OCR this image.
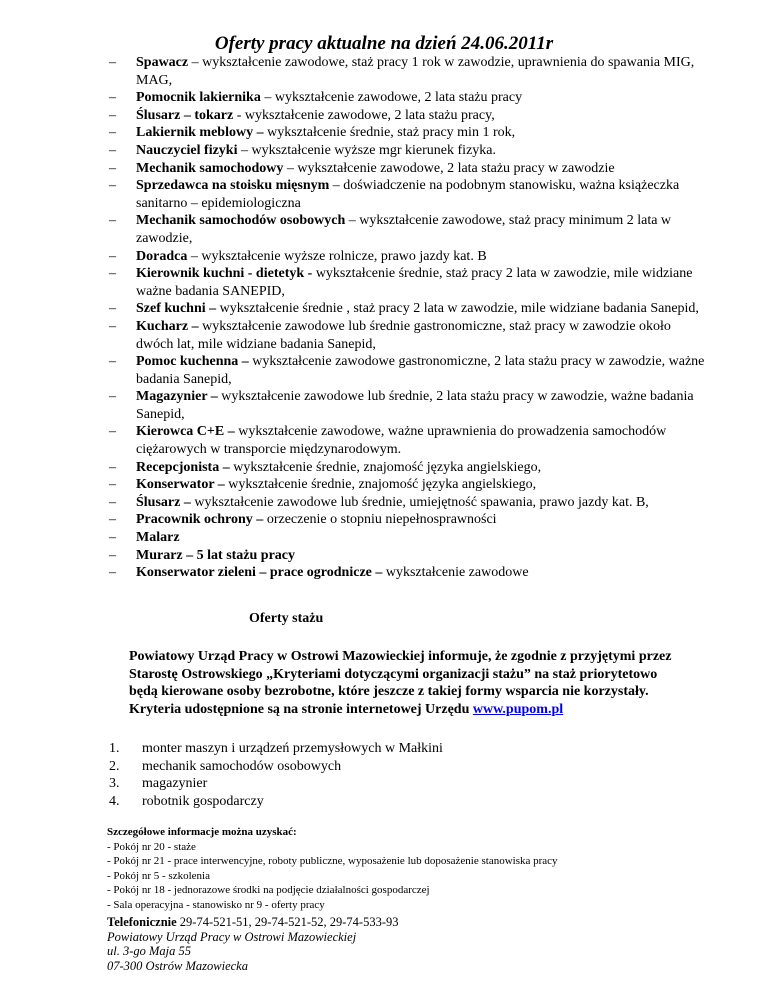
Oferty pracy aktualne na dzień 24.06.2011r
– Spawacz – wykształcenie zawodowe, staż pracy 1 rok w zawodzie, uprawnienia do spawania MIG, MAG,
– Pomocnik lakiernika – wykształcenie zawodowe, 2 lata stażu pracy
– Ślusarz – tokarz - wykształcenie zawodowe, 2 lata stażu pracy,
– Lakiernik meblowy – wykształcenie średnie, staż pracy min 1 rok,
– Nauczyciel fizyki – wykształcenie wyższe mgr kierunek fizyka.
– Mechanik samochodowy – wykształcenie zawodowe, 2 lata stażu pracy w zawodzie
– Sprzedawca na stoisku mięsnym – doświadczenie na podobnym stanowisku, ważna książeczka sanitarno – epidemiologiczna
– Mechanik samochodów osobowych – wykształcenie zawodowe, staż pracy minimum 2 lata w zawodzie,
– Doradca – wykształcenie wyższe rolnicze, prawo jazdy kat. B
– Kierownik kuchni - dietetyk - wykształcenie średnie, staż pracy 2 lata w zawodzie, mile widziane ważne badania SANEPID,
– Szef kuchni – wykształcenie średnie , staż pracy 2 lata w zawodzie, mile widziane badania Sanepid,
– Kucharz – wykształcenie zawodowe lub średnie gastronomiczne, staż pracy w zawodzie około dwóch lat, mile widziane badania Sanepid,
– Pomoc kuchenna – wykształcenie zawodowe gastronomiczne, 2 lata stażu pracy w zawodzie, ważne badania Sanepid,
– Magazynier – wykształcenie zawodowe lub średnie, 2 lata stażu pracy w zawodzie, ważne badania Sanepid,
– Kierowca C+E – wykształcenie zawodowe, ważne uprawnienia do prowadzenia samochodów ciężarowych w transporcie międzynarodowym.
– Recepcjonista – wykształcenie średnie, znajomość języka angielskiego,
– Konserwator – wykształcenie średnie, znajomość języka angielskiego,
– Ślusarz – wykształcenie zawodowe lub średnie, umiejętność spawania, prawo jazdy kat. B,
– Pracownik ochrony – orzeczenie o stopniu niepełnosprawności
– Malarz
– Murarz – 5 lat stażu pracy
– Konserwator zieleni – prace ogrodnicze – wykształcenie zawodowe

Oferty stażu

Powiatowy Urząd Pracy w Ostrowi Mazowieckiej informuje, że zgodnie z przyjętymi przez Starostę Ostrowskiego „Kryteriami dotyczącymi organizacji stażu” na staż priorytetowo będą kierowane osoby bezrobotne, które jeszcze z takiej formy wsparcia nie korzystały. Kryteria udostępnione są na stronie internetowej Urzędu www.pupom.pl

1. monter maszyn i urządzeń przemysłowych w Małkini
2. mechanik samochodów osobowych
3. magazynier
4. robotnik gospodarczy
Szczegółowe informacje można uzyskać:
- Pokój nr 20 - staże
- Pokój nr 21 - prace interwencyjne, roboty publiczne, wyposażenie lub doposażenie stanowiska pracy
- Pokój nr 5 - szkolenia
- Pokój nr 18 - jednorazowe środki na podjęcie działalności gospodarczej
- Sala operacyjna - stanowisko nr 9 - oferty pracy
Telefonicznie 29-74-521-51, 29-74-521-52, 29-74-533-93
Powiatowy Urząd Pracy w Ostrowi Mazowieckiej
ul. 3-go Maja 55
07-300 Ostrów Mazowiecka
